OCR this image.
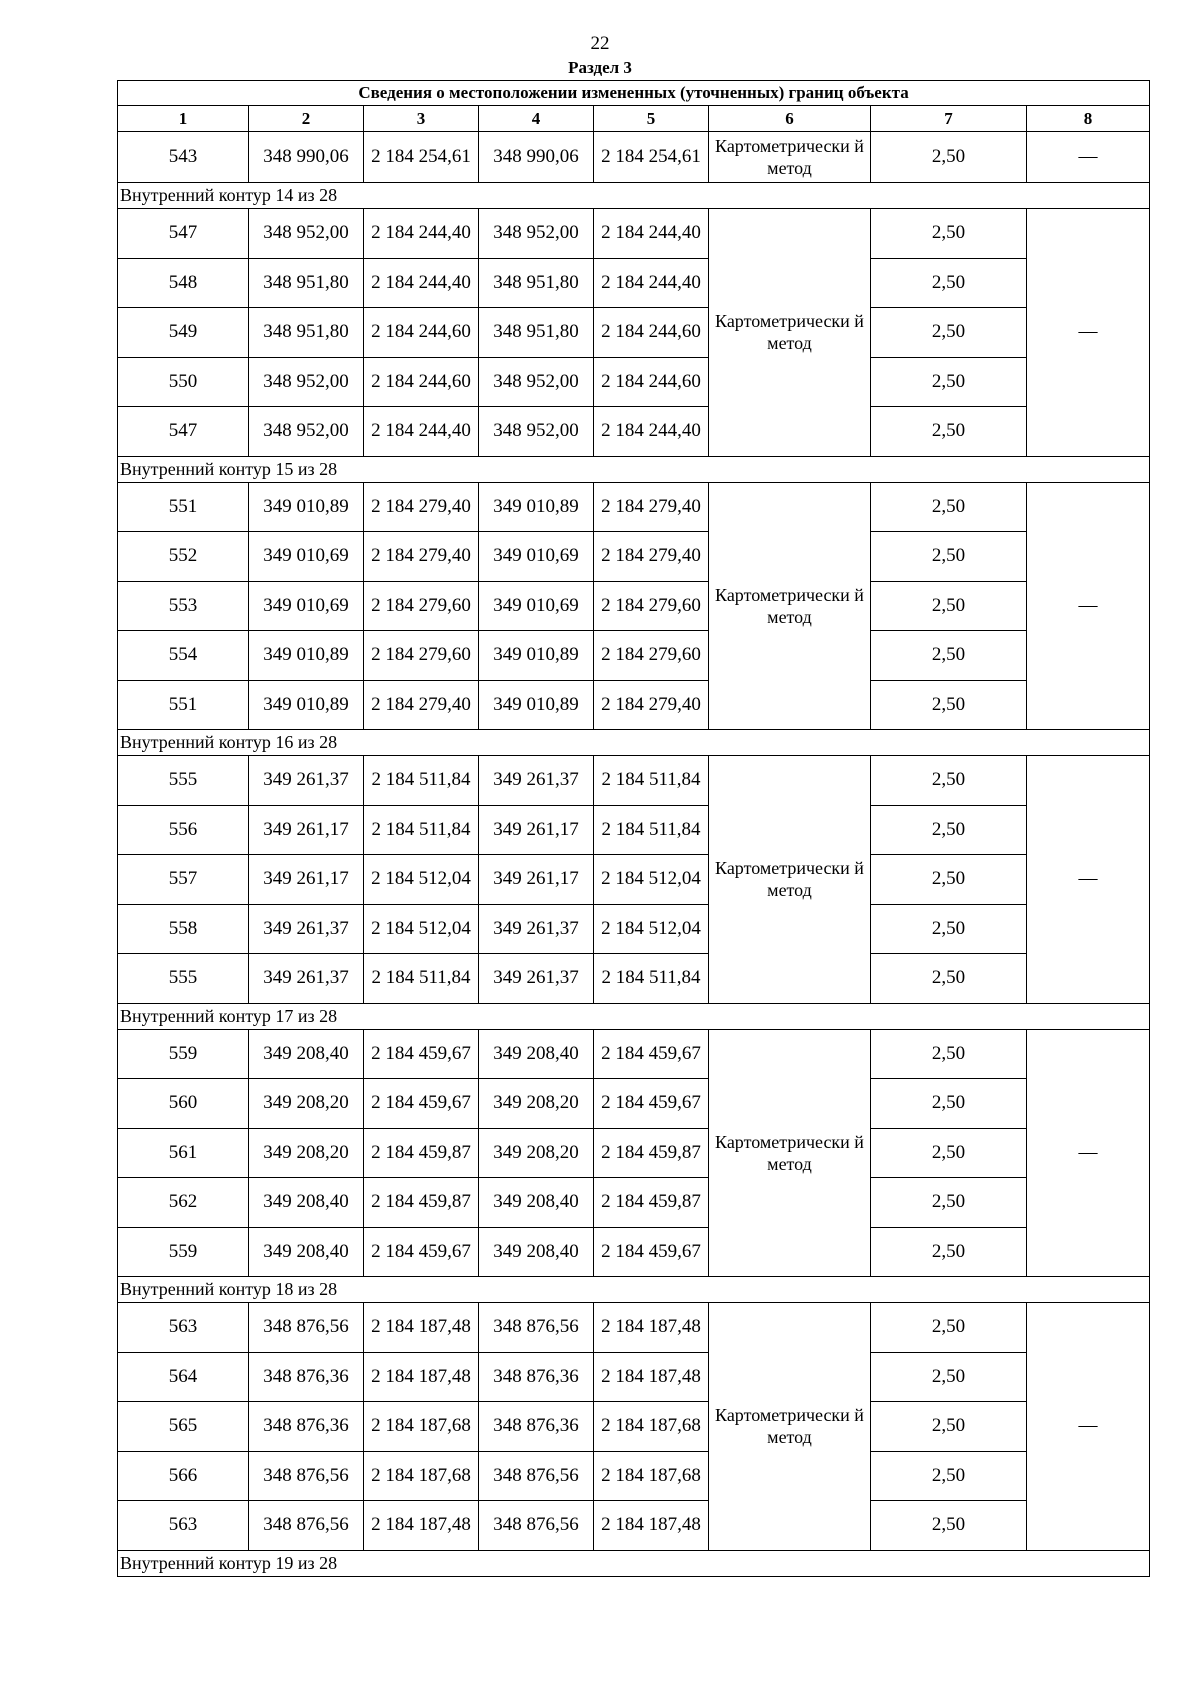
22
Раздел 3
Сведения о местоположении измененных (уточненных) границ объекта							
1	2	3	4	5	6	7	8
543	348 990,06	2 184 254,61	348 990,06	2 184 254,61	Картометрически й метод	2,50	—
Внутренний контур 14 из 28							
547	348 952,00	2 184 244,40	348 952,00	2 184 244,40	Картометрически й метод	2,50	—
548	348 951,80	2 184 244,40	348 951,80	2 184 244,40		2,50	
549	348 951,80	2 184 244,60	348 951,80	2 184 244,60		2,50	
550	348 952,00	2 184 244,60	348 952,00	2 184 244,60		2,50	
547	348 952,00	2 184 244,40	348 952,00	2 184 244,40		2,50	
Внутренний контур 15 из 28							
551	349 010,89	2 184 279,40	349 010,89	2 184 279,40	Картометрически й метод	2,50	—
552	349 010,69	2 184 279,40	349 010,69	2 184 279,40		2,50	
553	349 010,69	2 184 279,60	349 010,69	2 184 279,60		2,50	
554	349 010,89	2 184 279,60	349 010,89	2 184 279,60		2,50	
551	349 010,89	2 184 279,40	349 010,89	2 184 279,40		2,50	
Внутренний контур 16 из 28							
555	349 261,37	2 184 511,84	349 261,37	2 184 511,84	Картометрически й метод	2,50	—
556	349 261,17	2 184 511,84	349 261,17	2 184 511,84		2,50	
557	349 261,17	2 184 512,04	349 261,17	2 184 512,04		2,50	
558	349 261,37	2 184 512,04	349 261,37	2 184 512,04		2,50	
555	349 261,37	2 184 511,84	349 261,37	2 184 511,84		2,50	
Внутренний контур 17 из 28							
559	349 208,40	2 184 459,67	349 208,40	2 184 459,67	Картометрически й метод	2,50	—
560	349 208,20	2 184 459,67	349 208,20	2 184 459,67		2,50	
561	349 208,20	2 184 459,87	349 208,20	2 184 459,87		2,50	
562	349 208,40	2 184 459,87	349 208,40	2 184 459,87		2,50	
559	349 208,40	2 184 459,67	349 208,40	2 184 459,67		2,50	
Внутренний контур 18 из 28							
563	348 876,56	2 184 187,48	348 876,56	2 184 187,48	Картометрически й метод	2,50	—
564	348 876,36	2 184 187,48	348 876,36	2 184 187,48		2,50	
565	348 876,36	2 184 187,68	348 876,36	2 184 187,68		2,50	
566	348 876,56	2 184 187,68	348 876,56	2 184 187,68		2,50	
563	348 876,56	2 184 187,48	348 876,56	2 184 187,48		2,50	
Внутренний контур 19 из 28							
